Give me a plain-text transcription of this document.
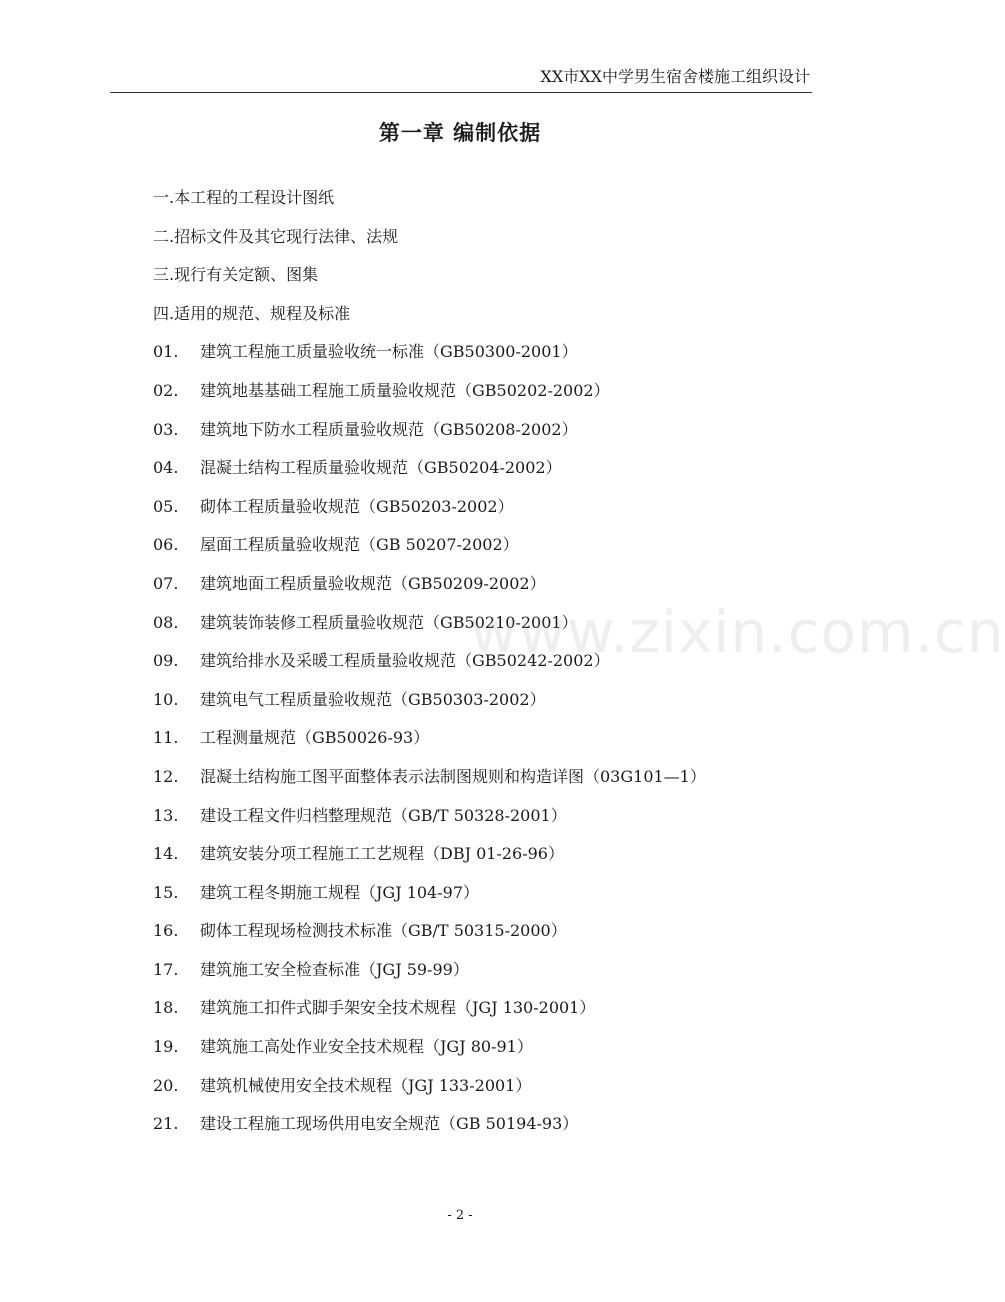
XX市XX中学男生宿舍楼施工组织设计
第一章 编制依据
一. 本工程的工程设计图纸
二. 招标文件及其它现行法律、法规
三. 现行有关定额、图集
四. 适用的规范、规程及标准
01.	建筑工程施工质量验收统一标准（GB50300-2001）
02.	建筑地基基础工程施工质量验收规范（GB50202-2002）
03.	建筑地下防水工程质量验收规范（GB50208-2002）
04.	混凝土结构工程质量验收规范（GB50204-2002）
05.	砌体工程质量验收规范（GB50203-2002）
06.	屋面工程质量验收规范（GB 50207-2002）
07.	建筑地面工程质量验收规范（GB50209-2002）
08.	建筑装饰装修工程质量验收规范（GB50210-2001）
09.	建筑给排水及采暖工程质量验收规范（GB50242-2002）
10.	建筑电气工程质量验收规范（GB50303-2002）
11.	工程测量规范（GB50026-93）
12.	混凝土结构施工图平面整体表示法制图规则和构造详图（03G101—1）
13.	建设工程文件归档整理规范（GB/T 50328-2001）
14.	建筑安装分项工程施工工艺规程（DBJ 01-26-96）
15.	建筑工程冬期施工规程（JGJ 104-97）
16.	砌体工程现场检测技术标准（GB/T 50315-2000）
17.	建筑施工安全检查标准（JGJ 59-99）
18.	建筑施工扣件式脚手架安全技术规程（JGJ 130-2001）
19.	建筑施工高处作业安全技术规程（JGJ 80-91）
20.	建筑机械使用安全技术规程（JGJ 133-2001）
21.	建设工程施工现场供用电安全规范（GB 50194-93）
www.zixin.com.cn
- 2 -
